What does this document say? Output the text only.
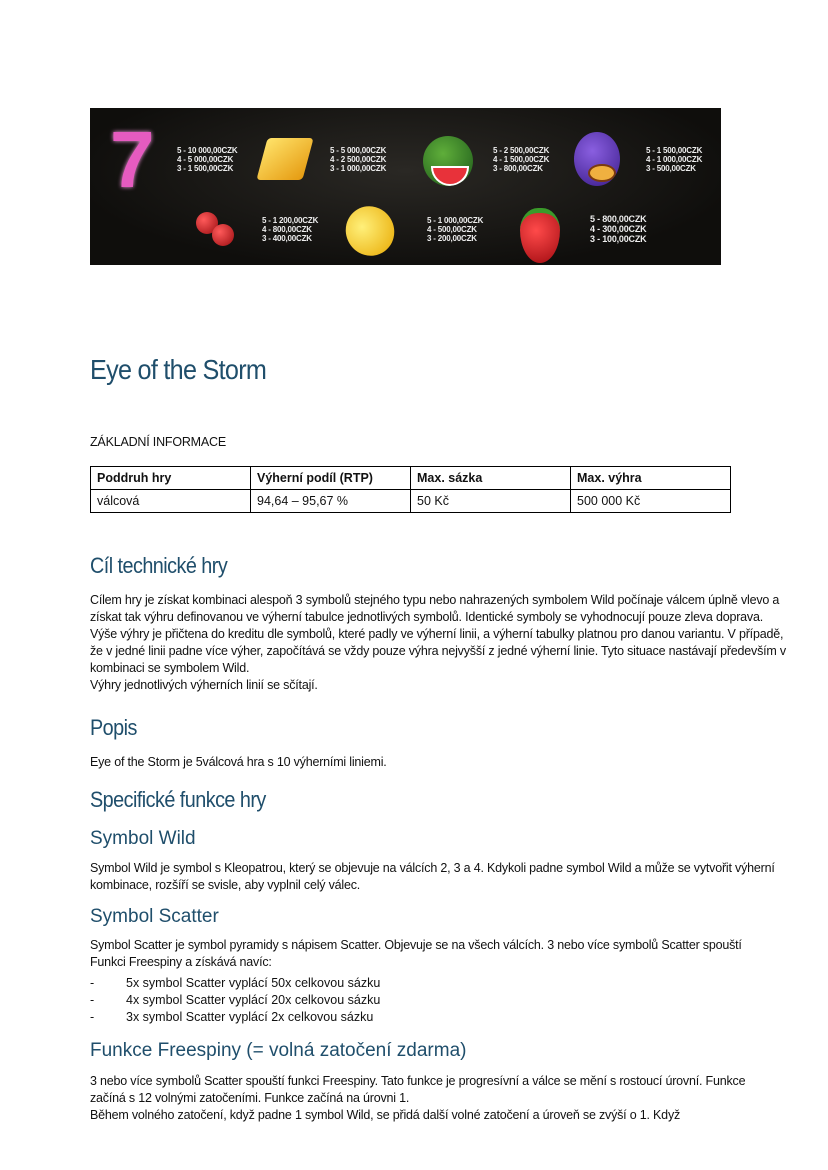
7	5 - 10 000,00CZK
4 - 5 000,00CZK
3 - 1 500,00CZK
5 - 5 000,00CZK
4 - 2 500,00CZK
3 - 1 000,00CZK
5 - 2 500,00CZK
4 - 1 500,00CZK
3 - 800,00CZK
5 - 1 500,00CZK
4 - 1 000,00CZK
3 - 500,00CZK
5 - 1 200,00CZK
4 - 800,00CZK
3 - 400,00CZK
5 - 1 000,00CZK
4 - 500,00CZK
3 - 200,00CZK
5 - 800,00CZK
4 - 300,00CZK
3 - 100,00CZK
Eye of the Storm

ZÁKLADNÍ INFORMACE

Poddruh hry	Výherní podíl (RTP)	Max. sázka	Max. výhra
válcová	94,64 – 95,67 %	50 Kč	500 000 Kč
Cíl technické hry

Cílem hry je získat kombinaci alespoň 3 symbolů stejného typu nebo nahrazených symbolem Wild počínaje válcem úplně vlevo a získat tak výhru definovanou ve výherní tabulce jednotlivých symbolů. Identické symboly se vyhodnocují pouze zleva doprava. Výše výhry je přičtena do kreditu dle symbolů, které padly ve výherní linii, a výherní tabulky platnou pro danou variantu. V případě, že v jedné linii padne více výher, započítává se vždy pouze výhra nejvyšší z jedné výherní linie. Tyto situace nastávají především v kombinaci se symbolem Wild.

Výhry jednotlivých výherních linií se sčítají.

Popis

Eye of the Storm je 5válcová hra s 10 výherními liniemi.

Specifické funkce hry
Symbol Wild

Symbol Wild je symbol s Kleopatrou, který se objevuje na válcích 2, 3 a 4. Kdykoli padne symbol Wild a může se vytvořit výherní kombinace, rozšíří se svisle, aby vyplnil celý válec.

Symbol Scatter

Symbol Scatter je symbol pyramidy s nápisem Scatter. Objevuje se na všech válcích. 3 nebo více symbolů Scatter spouští Funkci Freespiny a získává navíc:

- 5x symbol Scatter vyplácí 50x celkovou sázku
- 4x symbol Scatter vyplácí 20x celkovou sázku
- 3x symbol Scatter vyplácí 2x celkovou sázku
Funkce Freespiny (= volná zatočení zdarma)

3 nebo více symbolů Scatter spouští funkci Freespiny. Tato funkce je progresívní a válce se mění s rostoucí úrovní. Funkce začíná s 12 volnými zatočeními. Funkce začíná na úrovni 1.

Během volného zatočení, když padne 1 symbol Wild, se přidá další volné zatočení a úroveň se zvýší o 1. Když
